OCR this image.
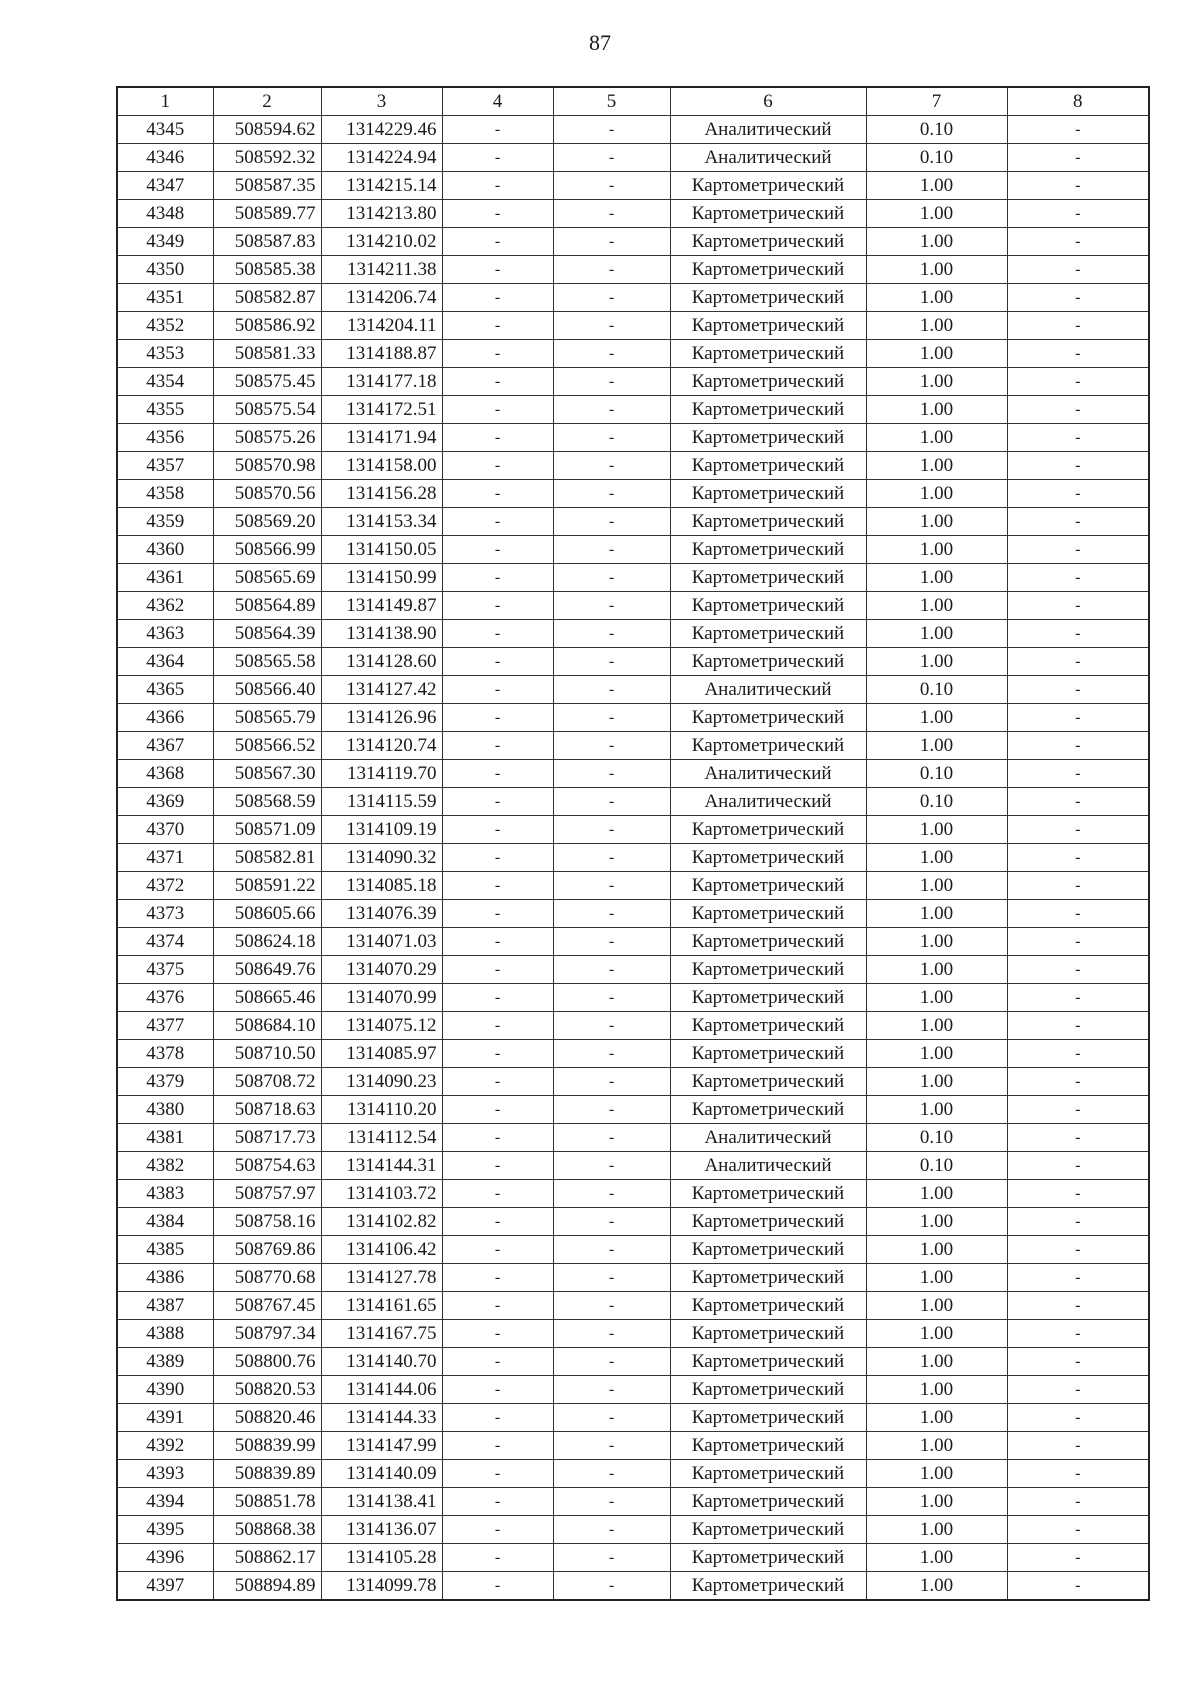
87
1	2	3	4	5	6	7	8
4345	508594.62	1314229.46	-	-	Аналитический	0.10	-
4346	508592.32	1314224.94	-	-	Аналитический	0.10	-
4347	508587.35	1314215.14	-	-	Картометрический	1.00	-
4348	508589.77	1314213.80	-	-	Картометрический	1.00	-
4349	508587.83	1314210.02	-	-	Картометрический	1.00	-
4350	508585.38	1314211.38	-	-	Картометрический	1.00	-
4351	508582.87	1314206.74	-	-	Картометрический	1.00	-
4352	508586.92	1314204.11	-	-	Картометрический	1.00	-
4353	508581.33	1314188.87	-	-	Картометрический	1.00	-
4354	508575.45	1314177.18	-	-	Картометрический	1.00	-
4355	508575.54	1314172.51	-	-	Картометрический	1.00	-
4356	508575.26	1314171.94	-	-	Картометрический	1.00	-
4357	508570.98	1314158.00	-	-	Картометрический	1.00	-
4358	508570.56	1314156.28	-	-	Картометрический	1.00	-
4359	508569.20	1314153.34	-	-	Картометрический	1.00	-
4360	508566.99	1314150.05	-	-	Картометрический	1.00	-
4361	508565.69	1314150.99	-	-	Картометрический	1.00	-
4362	508564.89	1314149.87	-	-	Картометрический	1.00	-
4363	508564.39	1314138.90	-	-	Картометрический	1.00	-
4364	508565.58	1314128.60	-	-	Картометрический	1.00	-
4365	508566.40	1314127.42	-	-	Аналитический	0.10	-
4366	508565.79	1314126.96	-	-	Картометрический	1.00	-
4367	508566.52	1314120.74	-	-	Картометрический	1.00	-
4368	508567.30	1314119.70	-	-	Аналитический	0.10	-
4369	508568.59	1314115.59	-	-	Аналитический	0.10	-
4370	508571.09	1314109.19	-	-	Картометрический	1.00	-
4371	508582.81	1314090.32	-	-	Картометрический	1.00	-
4372	508591.22	1314085.18	-	-	Картометрический	1.00	-
4373	508605.66	1314076.39	-	-	Картометрический	1.00	-
4374	508624.18	1314071.03	-	-	Картометрический	1.00	-
4375	508649.76	1314070.29	-	-	Картометрический	1.00	-
4376	508665.46	1314070.99	-	-	Картометрический	1.00	-
4377	508684.10	1314075.12	-	-	Картометрический	1.00	-
4378	508710.50	1314085.97	-	-	Картометрический	1.00	-
4379	508708.72	1314090.23	-	-	Картометрический	1.00	-
4380	508718.63	1314110.20	-	-	Картометрический	1.00	-
4381	508717.73	1314112.54	-	-	Аналитический	0.10	-
4382	508754.63	1314144.31	-	-	Аналитический	0.10	-
4383	508757.97	1314103.72	-	-	Картометрический	1.00	-
4384	508758.16	1314102.82	-	-	Картометрический	1.00	-
4385	508769.86	1314106.42	-	-	Картометрический	1.00	-
4386	508770.68	1314127.78	-	-	Картометрический	1.00	-
4387	508767.45	1314161.65	-	-	Картометрический	1.00	-
4388	508797.34	1314167.75	-	-	Картометрический	1.00	-
4389	508800.76	1314140.70	-	-	Картометрический	1.00	-
4390	508820.53	1314144.06	-	-	Картометрический	1.00	-
4391	508820.46	1314144.33	-	-	Картометрический	1.00	-
4392	508839.99	1314147.99	-	-	Картометрический	1.00	-
4393	508839.89	1314140.09	-	-	Картометрический	1.00	-
4394	508851.78	1314138.41	-	-	Картометрический	1.00	-
4395	508868.38	1314136.07	-	-	Картометрический	1.00	-
4396	508862.17	1314105.28	-	-	Картометрический	1.00	-
4397	508894.89	1314099.78	-	-	Картометрический	1.00	-
